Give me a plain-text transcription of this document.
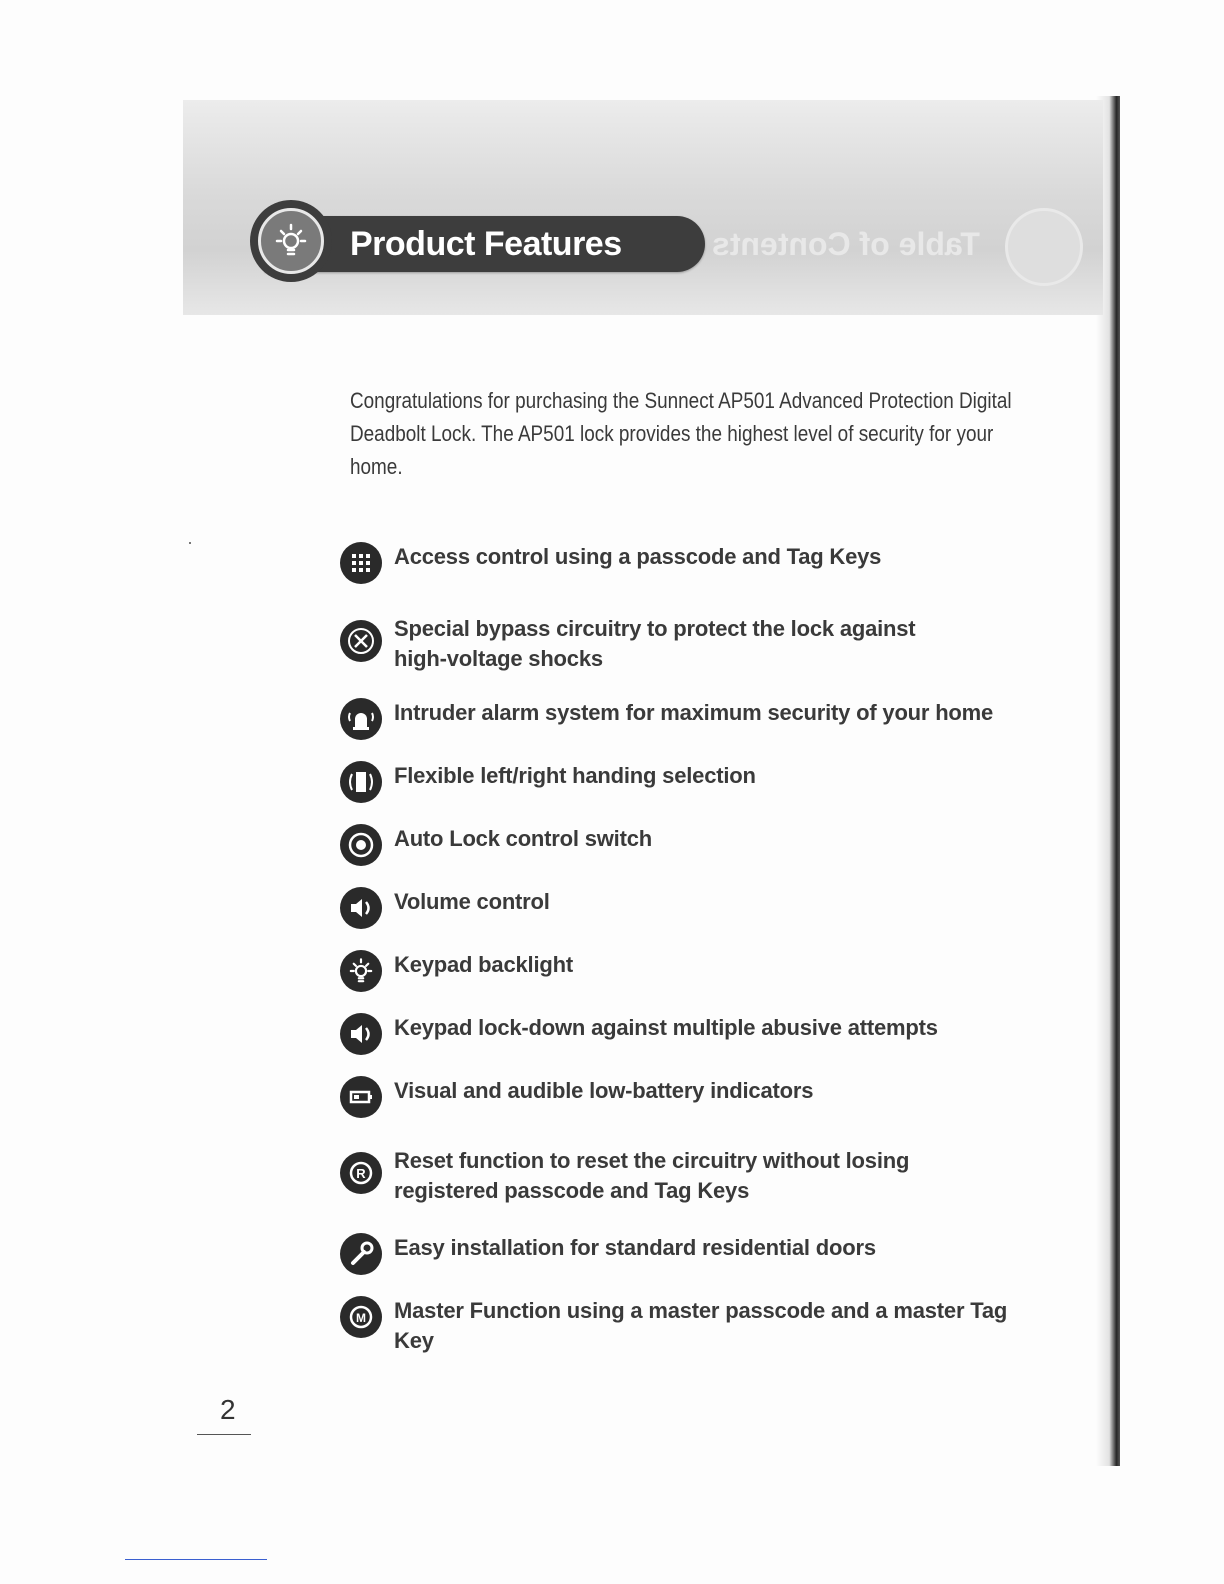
Table of Contents
Product Features
Congratulations for purchasing the Sunnect AP501 Advanced Protection Digital Deadbolt Lock. The AP501 lock provides the highest level of security for your home.
Access control using a passcode and Tag Keys
Special bypass circuitry to protect the lock against
high-voltage shocks
Intruder alarm system for maximum security of your home
Flexible left/right handing selection
Auto Lock control switch
Volume control
Keypad backlight
Keypad lock-down against multiple abusive attempts
Visual and audible low-battery indicators
R
Reset function to reset the circuitry without losing
registered passcode and Tag Keys
Easy installation for standard residential doors
M Master Function using a master passcode and a master Tag Key
2
